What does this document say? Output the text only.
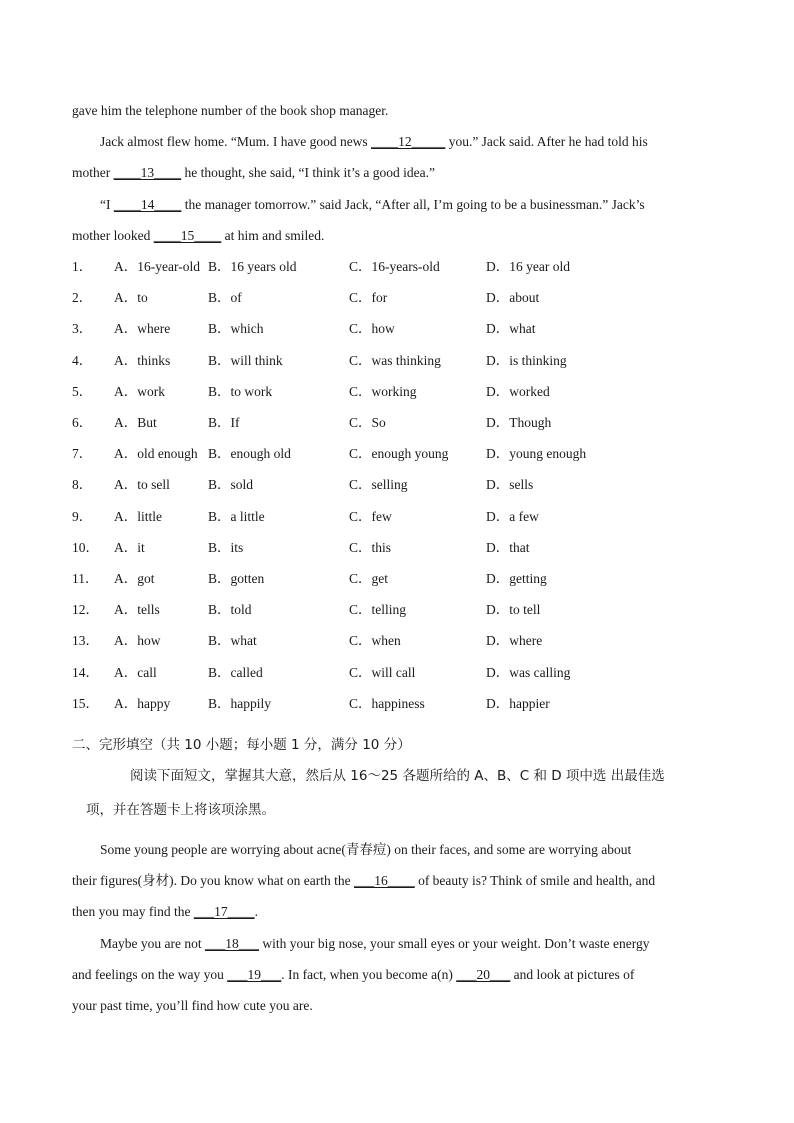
gave him the telephone number of the book shop manager.
Jack almost flew home. “Mum. I have good news ____12_____ you.” Jack said. After he had told his
mother ____13____ he thought, she said, “I think it’s a good idea.”
“I ____14____ the manager tomorrow.” said Jack, “After all, I’m going to be a businessman.” Jack’s
mother looked ____15____ at him and smiled.
1． A．16-year-old B．16 years old	C．16-years-old	D．16 year old
2． A．to	B．of	C．for	D．about
3． A．where	B．which	C．how	D．what
4． A．thinks	B．will think	C．was thinking	D．is thinking
5． A．work	B．to work	C．working	D．worked
6． A．But	B．If	C．So	D．Though
7． A．old enough B．enough old	C．enough young	D．young enough
8． A．to sell	B．sold	C．selling	D．sells
9． A．little	B．a little	C．few	D．a few
10． A．it	B．its	C．this	D．that
11． A．got	B．gotten	C．get	D．getting
12． A．tells	B．told	C．telling	D．to tell
13． A．how	B．what	C．when	D．where
14． A．call	B．called	C．will call	D．was calling
15． A．happy	B．happily	C．happiness	D．happier
二、完形填空（共 10 小题；每小题 1 分，满分 10 分）
阅读下面短文，掌握其大意，然后从 16～25 各题所给的 A、B、C 和 D 项中选 出最佳选
项，并在答题卡上将该项涂黑。
Some young people are worrying about acne(青春痘) on their faces, and some are worrying about
their figures(身材). Do you know what on earth the ___16____ of beauty is? Think of smile and health, and
then you may find the ___17____.
Maybe you are not ___18___ with your big nose, your small eyes or your weight. Don’t waste energy
and feelings on the way you ___19___. In fact, when you become a(n) ___20___ and look at pictures of
your past time, you’ll find how cute you are.
